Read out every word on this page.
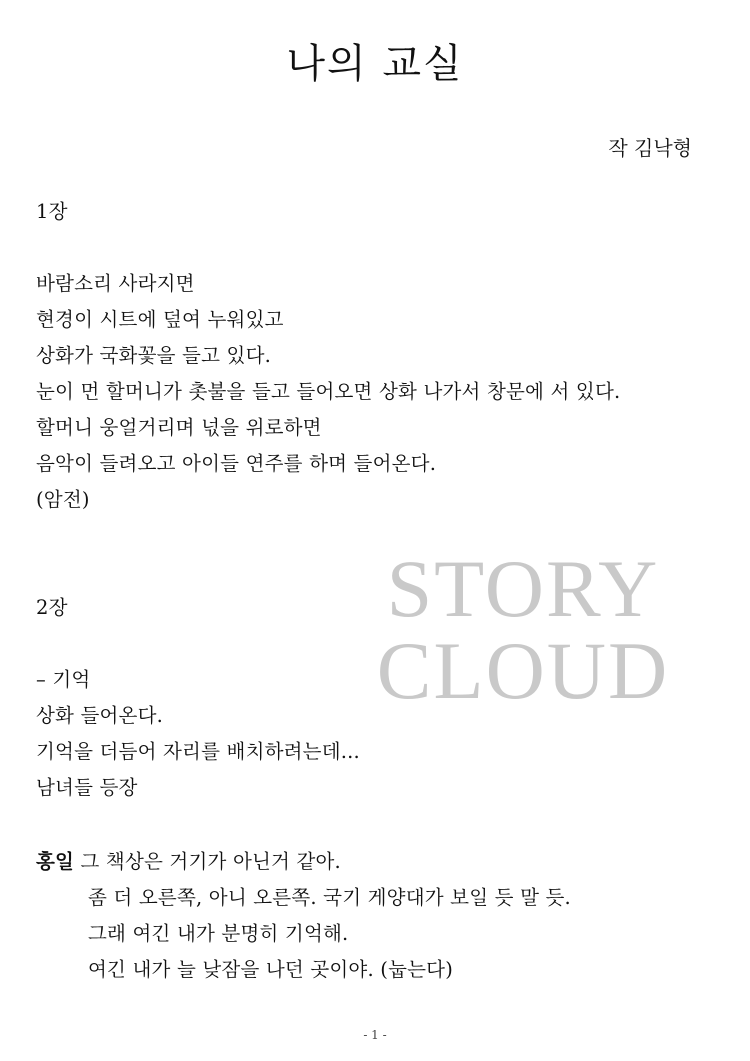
나의 교실
작 김낙형
1장
바람소리 사라지면
현경이 시트에 덮여 누워있고
상화가 국화꽃을 들고 있다.
눈이 먼 할머니가 촛불을 들고 들어오면 상화 나가서 창문에 서 있다.
할머니 웅얼거리며 넋을 위로하면
음악이 들려오고 아이들 연주를 하며 들어온다.
(암전)
2장
– 기억
상화 들어온다.
기억을 더듬어 자리를 배치하려는데...
남녀들 등장
홍일 그 책상은 거기가 아닌거 같아.
좀 더 오른쪽, 아니 오른쪽. 국기 게양대가 보일 듯 말 듯.
그래 여긴 내가 분명히 기억해.
여긴 내가 늘 낮잠을 나던 곳이야. (눕는다)
STORY
CLOUD
- 1 -
